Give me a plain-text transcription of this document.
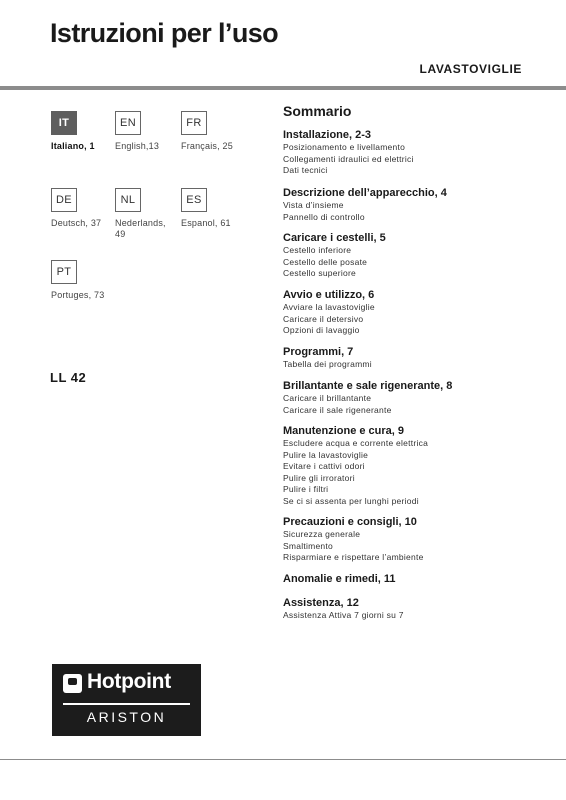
Istruzioni per l’uso
LAVASTOVIGLIE
IT
Italiano, 1
EN
English,13
FR
Français, 25
DE
Deutsch, 37
NL
Nederlands, 49
ES
Espanol, 61
PT
Portuges, 73
LL 42
Sommario
Installazione, 2-3
Posizionamento e livellamento
Collegamenti idraulici ed elettrici
Dati tecnici
Descrizione dell’apparecchio, 4
Vista d’insieme
Pannello di controllo
Caricare i cestelli, 5
Cestello inferiore
Cestello delle posate
Cestello superiore
Avvio e utilizzo, 6
Avviare la lavastoviglie
Caricare il detersivo
Opzioni di lavaggio
Programmi, 7
Tabella dei programmi
Brillantante e sale rigenerante, 8
Caricare il brillantante
Caricare il sale rigenerante
Manutenzione e cura, 9
Escludere acqua e corrente elettrica
Pulire la lavastoviglie
Evitare i cattivi odori
Pulire gli irroratori
Pulire i filtri
Se ci si assenta per lunghi periodi
Precauzioni e consigli, 10
Sicurezza generale
Smaltimento
Risparmiare e rispettare l’ambiente
Anomalie e rimedi, 11
Assistenza, 12
Assistenza Attiva 7 giorni su 7
Hotpoint
ARISTON
